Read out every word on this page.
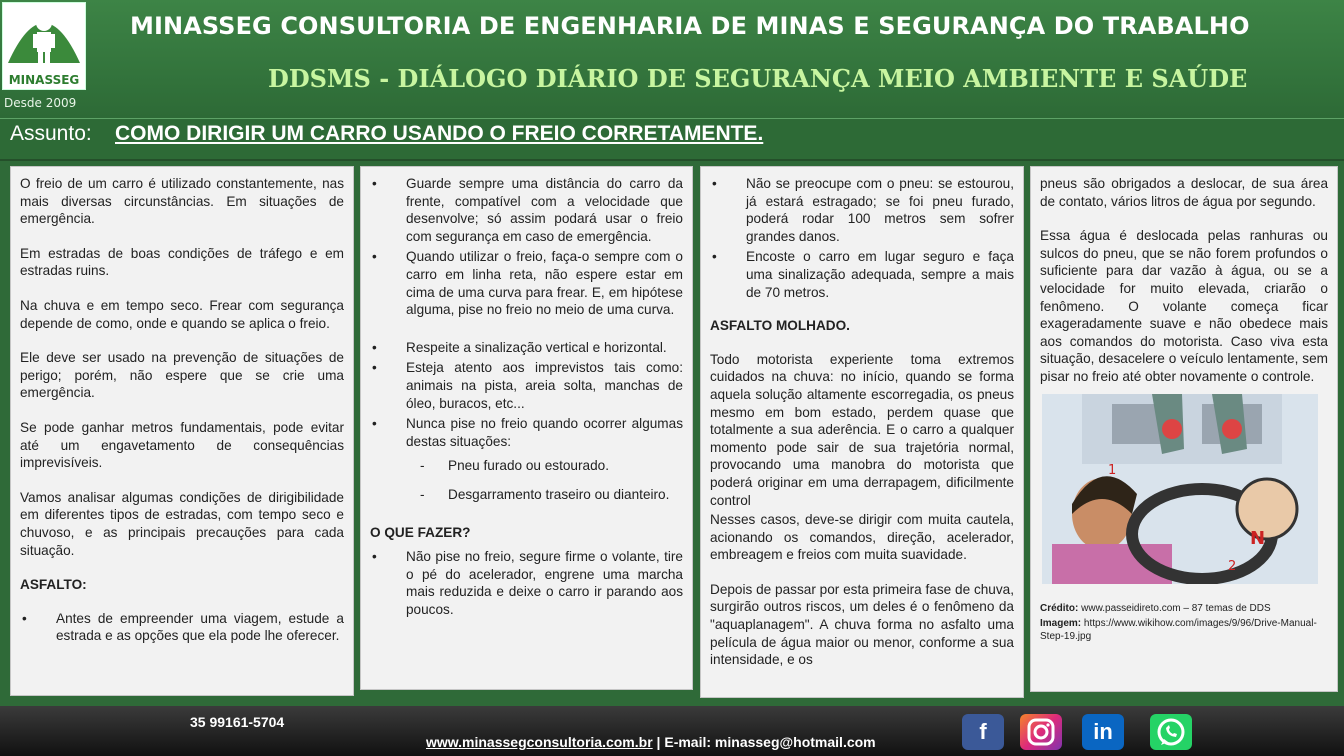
MINASSEG
Desde 2009
MINASSEG CONSULTORIA DE ENGENHARIA DE MINAS E SEGURANÇA DO TRABALHO
DDSMS - DIÁLOGO DIÁRIO DE SEGURANÇA MEIO AMBIENTE E SAÚDE
Assunto: COMO DIRIGIR UM CARRO USANDO O FREIO CORRETAMENTE.

O freio de um carro é utilizado constantemente, nas mais diversas circunstâncias. Em situações de emergência.

Em estradas de boas condições de tráfego e em estradas ruins.

Na chuva e em tempo seco. Frear com segurança depende de como, onde e quando se aplica o freio.

Ele deve ser usado na prevenção de situações de perigo; porém, não espere que se crie uma emergência.

Se pode ganhar metros fundamentais, pode evitar até um engavetamento de consequências imprevisíveis.

Vamos analisar algumas condições de dirigibilidade em diferentes tipos de estradas, com tempo seco e chuvoso, e as principais precauções para cada situação.

ASFALTO:
• Antes de empreender uma viagem, estude a estrada e as opções que ela pode lhe oferecer.
• Guarde sempre uma distância do carro da frente, compatível com a velocidade que desenvolve; só assim podará usar o freio com segurança em caso de emergência.
• Quando utilizar o freio, faça-o sempre com o carro em linha reta, não espere estar em cima de uma curva para frear. E, em hipótese alguma, pise no freio no meio de uma curva.
• Respeite a sinalização vertical e horizontal.
• Esteja atento aos imprevistos tais como: animais na pista, areia solta, manchas de óleo, buracos, etc...
• Nunca pise no freio quando ocorrer algumas destas situações:
- Pneu furado ou estourado.
- Desgarramento traseiro ou dianteiro.
O QUE FAZER?
• Não pise no freio, segure firme o volante, tire o pé do acelerador, engrene uma marcha mais reduzida e deixe o carro ir parando aos poucos.
• Não se preocupe com o pneu: se estourou, já estará estragado; se foi pneu furado, poderá rodar 100 metros sem sofrer grandes danos.
• Encoste o carro em lugar seguro e faça uma sinalização adequada, sempre a mais de 70 metros.
ASFALTO MOLHADO.

Todo motorista experiente toma extremos cuidados na chuva: no início, quando se forma aquela solução altamente escorregadia, os pneus mesmo em bom estado, perdem quase que totalmente a sua aderência. E o carro a qualquer momento pode sair de sua trajetória normal, provocando uma manobra do motorista que poderá originar em uma derrapagem, dificilmente control

Nesses casos, deve-se dirigir com muita cautela, acionando os comandos, direção, acelerador, embreagem e freios com muita suavidade.

Depois de passar por esta primeira fase de chuva, surgirão outros riscos, um deles é o fenômeno da "aquaplanagem". A chuva forma no asfalto uma película de água maior ou menor, conforme a sua intensidade, e os

pneus são obrigados a deslocar, de sua área de contato, vários litros de água por segundo.

Essa água é deslocada pelas ranhuras ou sulcos do pneu, que se não forem profundos o suficiente para dar vazão à água, ou se a velocidade for muito elevada, criarão o fenômeno. O volante começa ficar exageradamente suave e não obedece mais aos comandos do motorista. Caso viva esta situação, desacelere o veículo lentamente, sem pisar no freio até obter novamente o controle.

N
1
2
Crédito: www.passeidireto.com – 87 temas de DDS
Imagem: https://www.wikihow.com/images/9/96/Drive-Manual-Step-19.jpg
35 99161-5704
www.minassegconsultoria.com.br | E-mail: minasseg@hotmail.com	f	in
